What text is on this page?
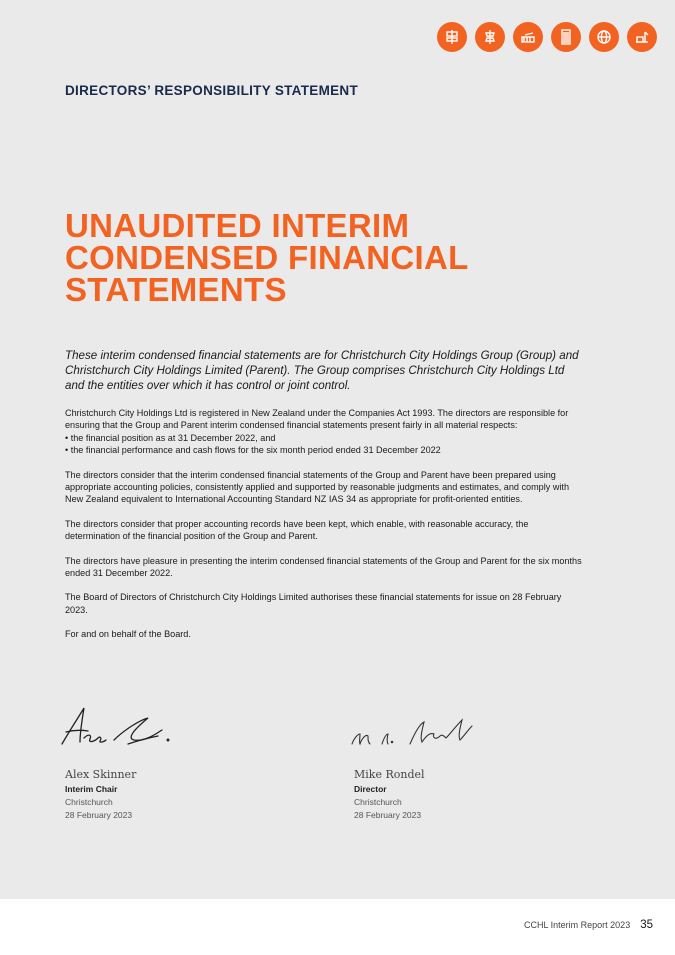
DIRECTORS’ RESPONSIBILITY STATEMENT
UNAUDITED INTERIM
CONDENSED FINANCIAL
STATEMENTS
These interim condensed financial statements are for Christchurch City Holdings Group (Group) and Christchurch City Holdings Limited (Parent). The Group comprises Christchurch City Holdings Ltd and the entities over which it has control or joint control.

Christchurch City Holdings Ltd is registered in New Zealand under the Companies Act 1993. The directors are responsible for ensuring that the Group and Parent interim condensed financial statements present fairly in all material respects:
• the financial position as at 31 December 2022, and
• the financial performance and cash flows for the six month period ended 31 December 2022

The directors consider that the interim condensed financial statements of the Group and Parent have been prepared using appropriate accounting policies, consistently applied and supported by reasonable judgments and estimates, and comply with New Zealand equivalent to International Accounting Standard NZ IAS 34 as appropriate for profit-oriented entities.

The directors consider that proper accounting records have been kept, which enable, with reasonable accuracy, the determination of the financial position of the Group and Parent.

The directors have pleasure in presenting the interim condensed financial statements of the Group and Parent for the six months ended 31 December 2022.

The Board of Directors of Christchurch City Holdings Limited authorises these financial statements for issue on 28 February 2023.

For and on behalf of the Board.

Alex Skinner
Interim Chair
Christchurch
28 February 2023
Mike Rondel
Director
Christchurch
28 February 2023
CCHL Interim Report 2023 35
